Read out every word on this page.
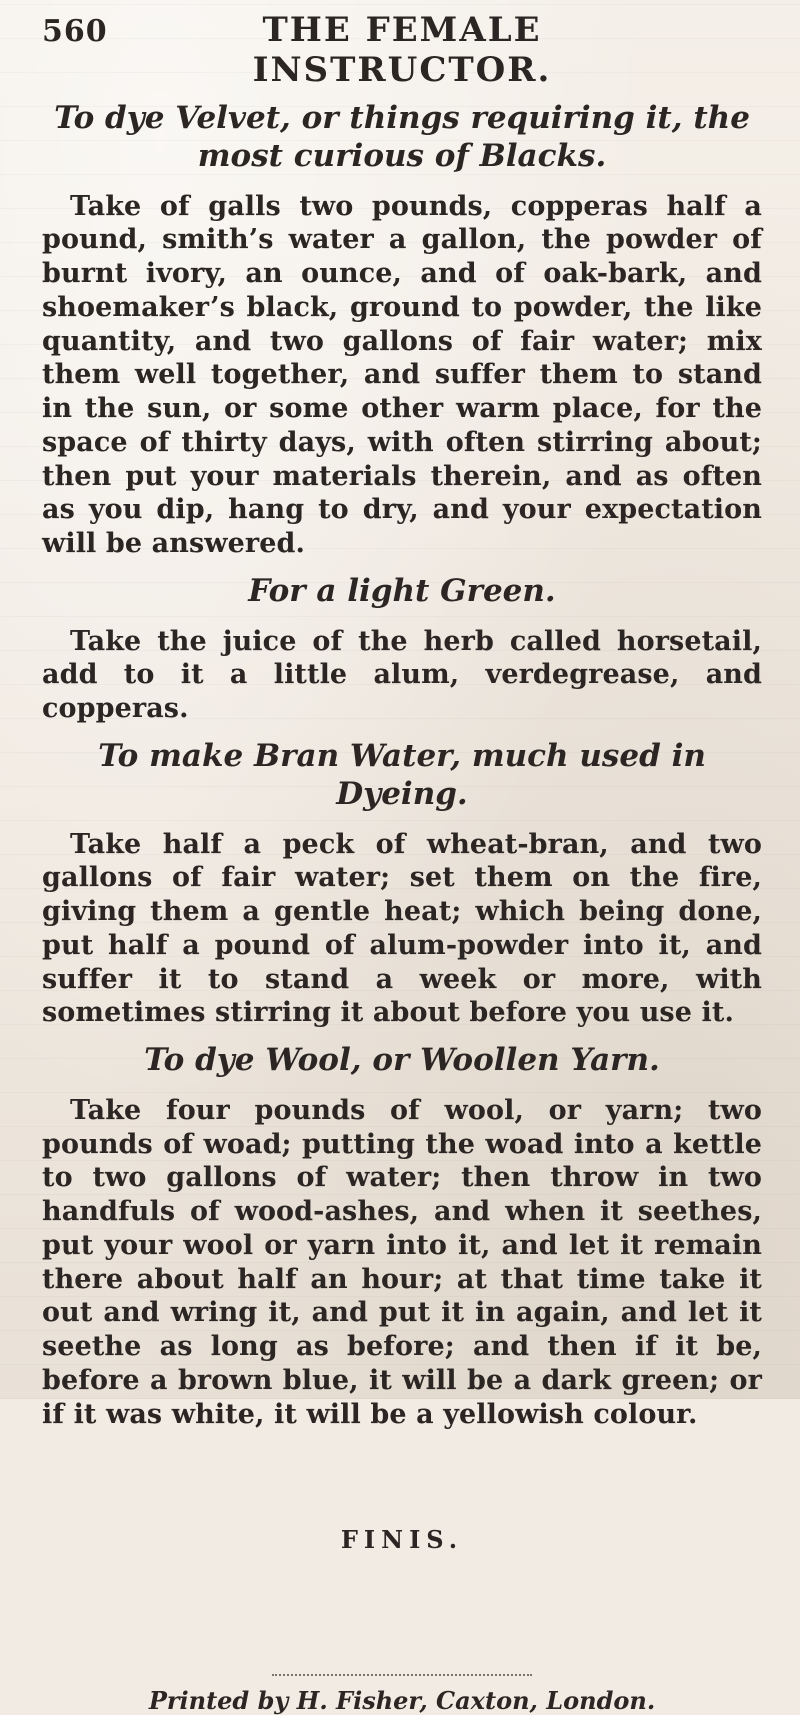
560	THE FEMALE INSTRUCTOR.
To dye Velvet, or things requiring it, the most curious of Blacks.

Take of galls two pounds, copperas half a pound, smith’s water a gallon, the powder of burnt ivory, an ounce, and of oak-bark, and shoemaker’s black, ground to powder, the like quantity, and two gallons of fair water; mix them well together, and suffer them to stand in the sun, or some other warm place, for the space of thirty days, with often stirring about; then put your materials therein, and as often as you dip, hang to dry, and your expectation will be answered.

For a light Green.

Take the juice of the herb called horsetail, add to it a little alum, verdegrease, and copperas.

To make Bran Water, much used in Dyeing.

Take half a peck of wheat-bran, and two gallons of fair water; set them on the fire, giving them a gentle heat; which being done, put half a pound of alum-powder into it, and suffer it to stand a week or more, with sometimes stirring it about before you use it.

To dye Wool, or Woollen Yarn.

Take four pounds of wool, or yarn; two pounds of woad; putting the woad into a kettle to two gallons of water; then throw in two handfuls of wood-ashes, and when it seethes, put your wool or yarn into it, and let it remain there about half an hour; at that time take it out and wring it, and put it in again, and let it seethe as long as before; and then if it be, before a brown blue, it will be a dark green; or if it was white, it will be a yellowish colour.

FINIS.
Printed by H. Fisher, Caxton, London.
